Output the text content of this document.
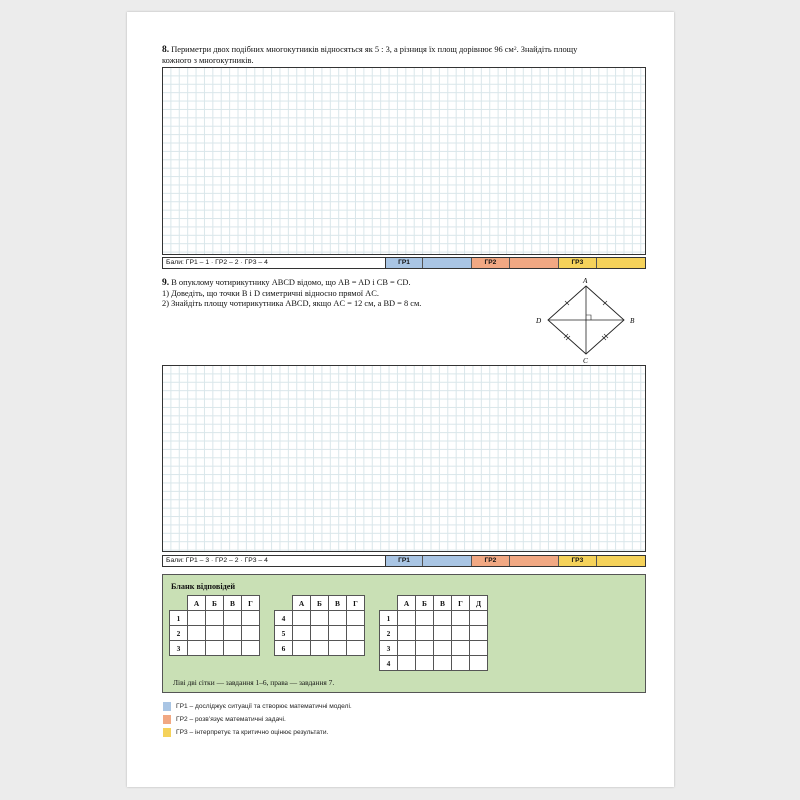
8. Периметри двох подібних многокутників відносяться як 5 : 3, а різниця їх площ дорівнює 96 $см^2$. Знайдіть площу
кожного з многокутників.
Бали: ГР1 – 1 · ГР2 – 2 · ГР3 – 4	ГР1	ГР2	ГР3
9. В опуклому чотирикутнику ABCD відомо, що AB = AD і CB = CD.
1) Доведіть, що точки B і D симетричні відносно прямої AC.
2) Знайдіть площу чотирикутника ABCD, якщо AC = 12 см, а BD = 8 см.
A
B
C
D
Бали: ГР1 – 3 · ГР2 – 2 · ГР3 – 4	ГР1	ГР2	ГР3
Бланк відповідей
	А	Б	В	Г
1				
2				
3				
	А	Б	В	Г
4				
5				
6				
	А	Б	В	Г	Д
1					
2					
3					
4					
Ліві дві сітки — завдання 1–6, права — завдання 7.
ГР1 – досліджує ситуації та створює математичні моделі.
ГР2 – розв’язує математичні задачі.
ГР3 – інтерпретує та критично оцінює результати.
